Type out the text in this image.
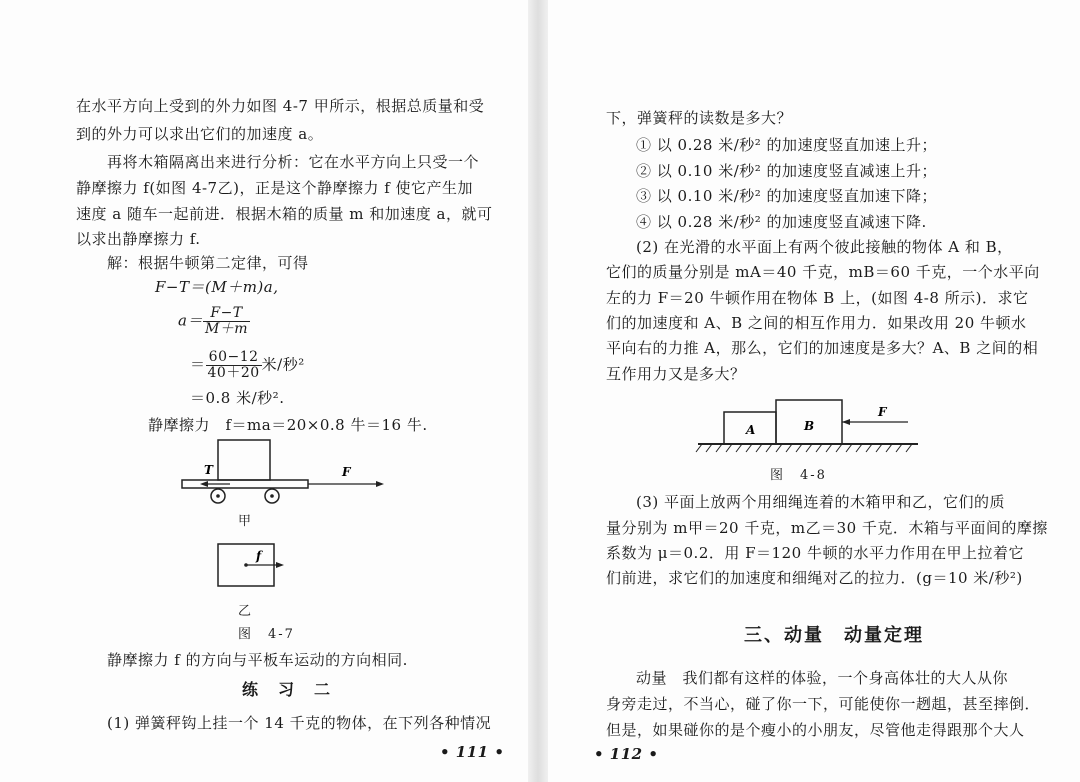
在水平方向上受到的外力如图 4-7 甲所示，根据总质量和受
到的外力可以求出它们的加速度 a。
再将木箱隔离出来进行分析：它在水平方向上只受一个
静摩擦力 f(如图 4-7乙)，正是这个静摩擦力 f 使它产生加
速度 a 随车一起前进．根据木箱的质量 m 和加速度 a，就可
以求出静摩擦力 f.
解：根据牛顿第二定律，可得
F−T＝(M＋m)a,
$a= \frac{F-T}{M+m}$
＝ $\frac{60-12}{40+20}$ 米/秒²
＝0.8 米/秒².
静摩擦力　f＝ma＝20×0.8 牛＝16 牛.
T	F
甲
f
乙
图　4-7
静摩擦力 f 的方向与平板车运动的方向相同.
练　习　二
(1) 弹簧秤钩上挂一个 14 千克的物体，在下列各种情况
• 111 •
下，弹簧秤的读数是多大？
① 以 0.28 米/秒² 的加速度竖直加速上升；
② 以 0.10 米/秒² 的加速度竖直减速上升；
③ 以 0.10 米/秒² 的加速度竖直加速下降；
④ 以 0.28 米/秒² 的加速度竖直减速下降.
(2) 在光滑的水平面上有两个彼此接触的物体 A 和 B，
它们的质量分别是 mA＝40 千克，mB＝60 千克，一个水平向
左的力 F＝20 牛顿作用在物体 B 上，(如图 4-8 所示)．求它
们的加速度和 A、B 之间的相互作用力．如果改用 20 牛顿水
平向右的力推 A，那么，它们的加速度是多大？A、B 之间的相
互作用力又是多大？
A	B
F
图　4-8
(3) 平面上放两个用细绳连着的木箱甲和乙，它们的质
量分别为 m甲＝20 千克，m乙＝30 千克．木箱与平面间的摩擦
系数为 μ＝0.2．用 F＝120 牛顿的水平力作用在甲上拉着它
们前进，求它们的加速度和细绳对乙的拉力．(g＝10 米/秒²)
三、动量　动量定理
动量　我们都有这样的体验，一个身高体壮的大人从你
身旁走过，不当心，碰了你一下，可能使你一趔趄，甚至摔倒．
但是，如果碰你的是个瘦小的小朋友，尽管他走得跟那个大人
• 112 •
